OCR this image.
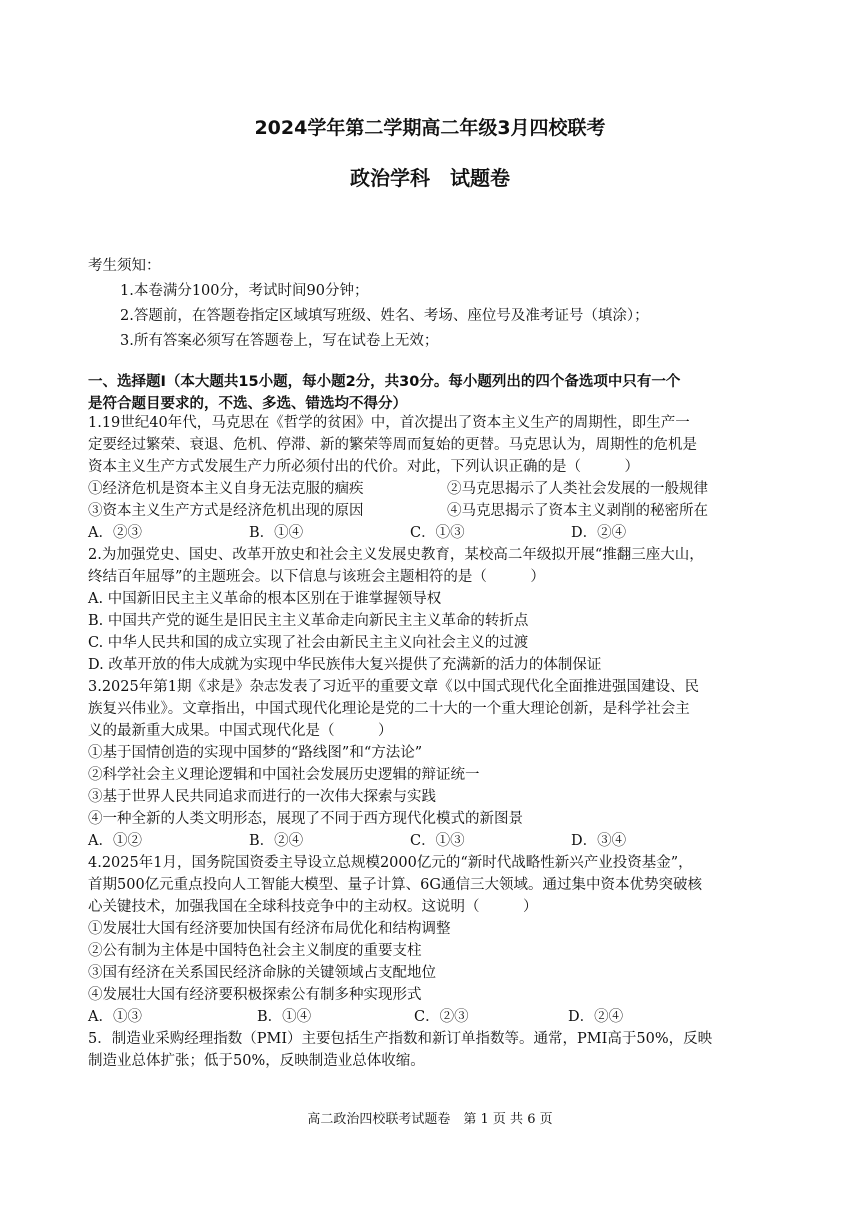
2024学年第二学期高二年级3月四校联考
政治学科　试题卷
考生须知：
1.本卷满分100分，考试时间90分钟；
2.答题前，在答题卷指定区域填写班级、姓名、考场、座位号及准考证号（填涂）；
3.所有答案必须写在答题卷上，写在试卷上无效；
一、选择题Ⅰ（本大题共15小题，每小题2分，共30分。每小题列出的四个备选项中只有一个
是符合题目要求的，不选、多选、错选均不得分）
1.19世纪40年代，马克思在《哲学的贫困》中，首次提出了资本主义生产的周期性，即生产一
定要经过繁荣、衰退、危机、停滞、新的繁荣等周而复始的更替。马克思认为，周期性的危机是
资本主义生产方式发展生产力所必须付出的代价。对此，下列认识正确的是（　　　）
①经济危机是资本主义自身无法克服的痼疾	②马克思揭示了人类社会发展的一般规律
③资本主义生产方式是经济危机出现的原因	④马克思揭示了资本主义剥削的秘密所在
A．②③	B．①④	C．①③	D．②④
2.为加强党史、国史、改革开放史和社会主义发展史教育，某校高二年级拟开展“推翻三座大山，
终结百年屈辱”的主题班会。以下信息与该班会主题相符的是（　　　）
A. 中国新旧民主主义革命的根本区别在于谁掌握领导权
B. 中国共产党的诞生是旧民主主义革命走向新民主主义革命的转折点
C. 中华人民共和国的成立实现了社会由新民主主义向社会主义的过渡
D. 改革开放的伟大成就为实现中华民族伟大复兴提供了充满新的活力的体制保证
3.2025年第1期《求是》杂志发表了习近平的重要文章《以中国式现代化全面推进强国建设、民
族复兴伟业》。文章指出，中国式现代化理论是党的二十大的一个重大理论创新，是科学社会主
义的最新重大成果。中国式现代化是（　　　）
①基于国情创造的实现中国梦的“路线图”和“方法论”
②科学社会主义理论逻辑和中国社会发展历史逻辑的辩证统一
③基于世界人民共同追求而进行的一次伟大探索与实践
④一种全新的人类文明形态，展现了不同于西方现代化模式的新图景
A．①②	B．②④	C．①③	D．③④
4.2025年1月，国务院国资委主导设立总规模2000亿元的“新时代战略性新兴产业投资基金”，
首期500亿元重点投向人工智能大模型、量子计算、6G通信三大领域。通过集中资本优势突破核
心关键技术，加强我国在全球科技竞争中的主动权。这说明（　　　）
①发展壮大国有经济要加快国有经济布局优化和结构调整
②公有制为主体是中国特色社会主义制度的重要支柱
③国有经济在关系国民经济命脉的关键领域占支配地位
④发展壮大国有经济要积极探索公有制多种实现形式
A．①③	B．①④	C．②③	D．②④
5．制造业采购经理指数（PMI）主要包括生产指数和新订单指数等。通常，PMI高于50%，反映
制造业总体扩张；低于50%，反映制造业总体收缩。
高二政治四校联考试题卷　第 1 页 共 6 页
